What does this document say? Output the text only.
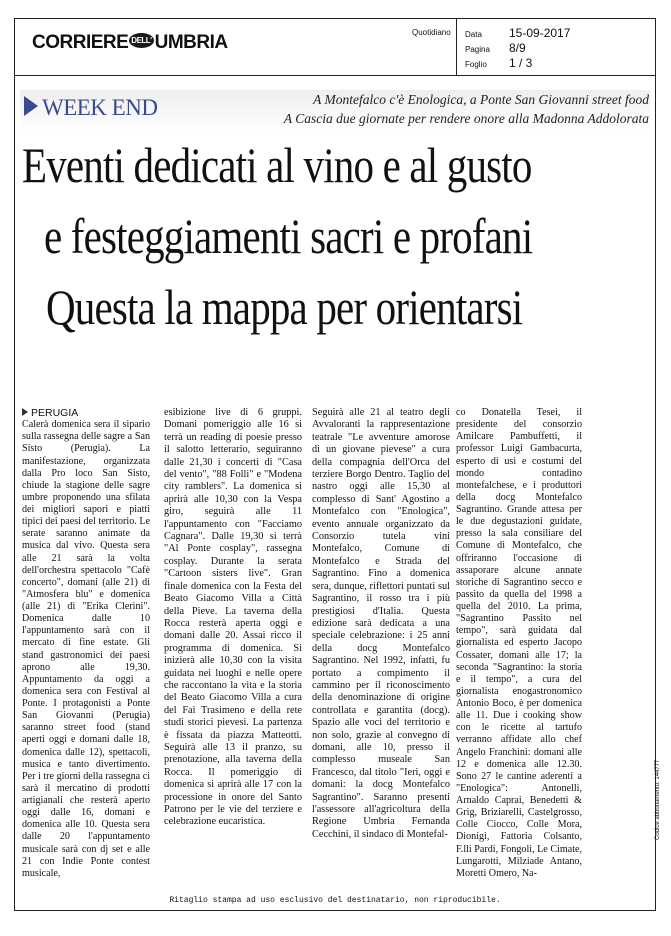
CORRIERE DELL' UMBRIA	Quotidiano Data 15-09-2017
Pagina 8/9
Foglio 1 / 3
WEEK END	A Montefalco c'è Enologica, a Ponte San Giovanni street food
A Cascia due giornate per rendere onore alla Madonna Addolorata
Eventi dedicati al vino e al gusto
e festeggiamenti sacri e profani
Questa la mappa per orientarsi
PERUGIA

Calerà domenica sera il sipario sulla rassegna delle sagre a San Sisto (Perugia). La manifestazione, organizzata dalla Pro loco San Sisto, chiude la stagione delle sagre umbre proponendo una sfilata dei migliori sapori e piatti tipici dei paesi del territorio. Le serate saranno animate da musica dal vivo. Questa sera alle 21 sarà la volta dell'orchestra spettacolo "Cafè concerto", domani (alle 21) di "Atmosfera blu" e domenica (alle 21) di "Erika Clerini". Domenica dalle 10 l'appuntamento sarà con il mercato di fine estate. Gli stand gastronomici dei paesi aprono alle 19,30. Appuntamento da oggi a domenica sera con Festival al Ponte. I protagonisti a Ponte San Giovanni (Perugia) saranno street food (stand aperti oggi e domani dalle 18, domenica dalle 12), spettacoli, musica e tanto divertimento. Per i tre giorni della rassegna ci sarà il mercatino di prodotti artigianali che resterà aperto oggi dalle 16, domani e domenica alle 10. Questa sera dalle 20 l'appuntamento musicale sarà con dj set e alle 21 con Indie Ponte contest musicale,

esibizione live di 6 gruppi. Domani pomeriggio alle 16 si terrà un reading di poesie presso il salotto letterario, seguiranno dalle 21,30 i concerti di "Casa del vento", "88 Folli" e "Modena city ramblers". La domenica si aprirà alle 10,30 con la Vespa giro, seguirà alle 11 l'appuntamento con "Facciamo Cagnara". Dalle 19,30 si terrà "Al Ponte cosplay", rassegna cosplay. Durante la serata "Cartoon sisters live". Gran finale domenica con la Festa del Beato Giacomo Villa a Città della Pieve. La taverna della Rocca resterà aperta oggi e domani dalle 20. Assai ricco il programma di domenica. Si inizierà alle 10,30 con la visita guidata nei luoghi e nelle opere che raccontano la vita e la storia del Beato Giacomo Villa a cura del Fai Trasimeno e della rete studi storici pievesi. La partenza è fissata da piazza Matteotti. Seguirà alle 13 il pranzo, su prenotazione, alla taverna della Rocca. Il pomeriggio di domenica si aprirà alle 17 con la processione in onore del Santo Patrono per le vie del terziere e celebrazione eucaristica.

Seguirà alle 21 al teatro degli Avvaloranti la rappresentazione teatrale "Le avventure amorose di un giovane pievese" a cura della compagnia dell'Orca del terziere Borgo Dentro. Taglio del nastro oggi alle 15,30 al complesso di Sant' Agostino a Montefalco con "Enologica", evento annuale organizzato da Consorzio tutela vini Montefalco, Comune di Montefalco e Strada del Sagrantino. Fino a domenica sera, dunque, riflettori puntati sul Sagrantino, il rosso tra i più prestigiosi d'Italia. Questa edizione sarà dedicata a una speciale celebrazione: i 25 anni della docg Montefalco Sagrantino. Nel 1992, infatti, fu portato a compimento il cammino per il riconoscimento della denominazione di origine controllata e garantita (docg). Spazio alle voci del territorio e non solo, grazie al convegno di domani, alle 10, presso il complesso museale San Francesco, dal titolo "Ieri, oggi e domani: la docg Montefalco Sagrantino". Saranno presenti l'assessore all'agricoltura della Regione Umbria Fernanda Cecchini, il sindaco di Montefal-

co Donatella Tesei, il presidente del consorzio Amilcare Pambuffetti, il professor Luigi Gambacurta, esperto di usi e costumi del mondo contadino montefalchese, e i produttori della docg Montefalco Sagrantino. Grande attesa per le due degustazioni guidate, presso la sala consiliare del Comune di Montefalco, che offriranno l'occasione di assaporare alcune annate storiche di Sagrantino secco e passito da quella del 1998 a quella del 2010. La prima, "Sagrantino Passito nel tempo", sarà guidata dal giornalista ed esperto Jacopo Cossater, domani alle 17; la seconda "Sagrantino: la storia e il tempo", a cura del giornalista enogastronomico Antonio Boco, è per domenica alle 11. Due i cooking show con le ricette al tartufo verranno affidate allo chef Angelo Franchini: domani alle 12 e domenica alle 12.30. Sono 27 le cantine aderenti a "Enologica": Antonelli, Arnaldo Caprai, Benedetti & Grig, Briziarelli, Castelgrosso, Colle Ciocco, Colle Mora, Dionigi, Fattoria Colsanto, F.lli Pardi, Fongoli, Le Cimate, Lungarotti, Milziade Antano, Moretti Omero, Na-

Codice abbonamento: 144777
Ritaglio stampa ad uso esclusivo del destinatario, non riproducibile.
